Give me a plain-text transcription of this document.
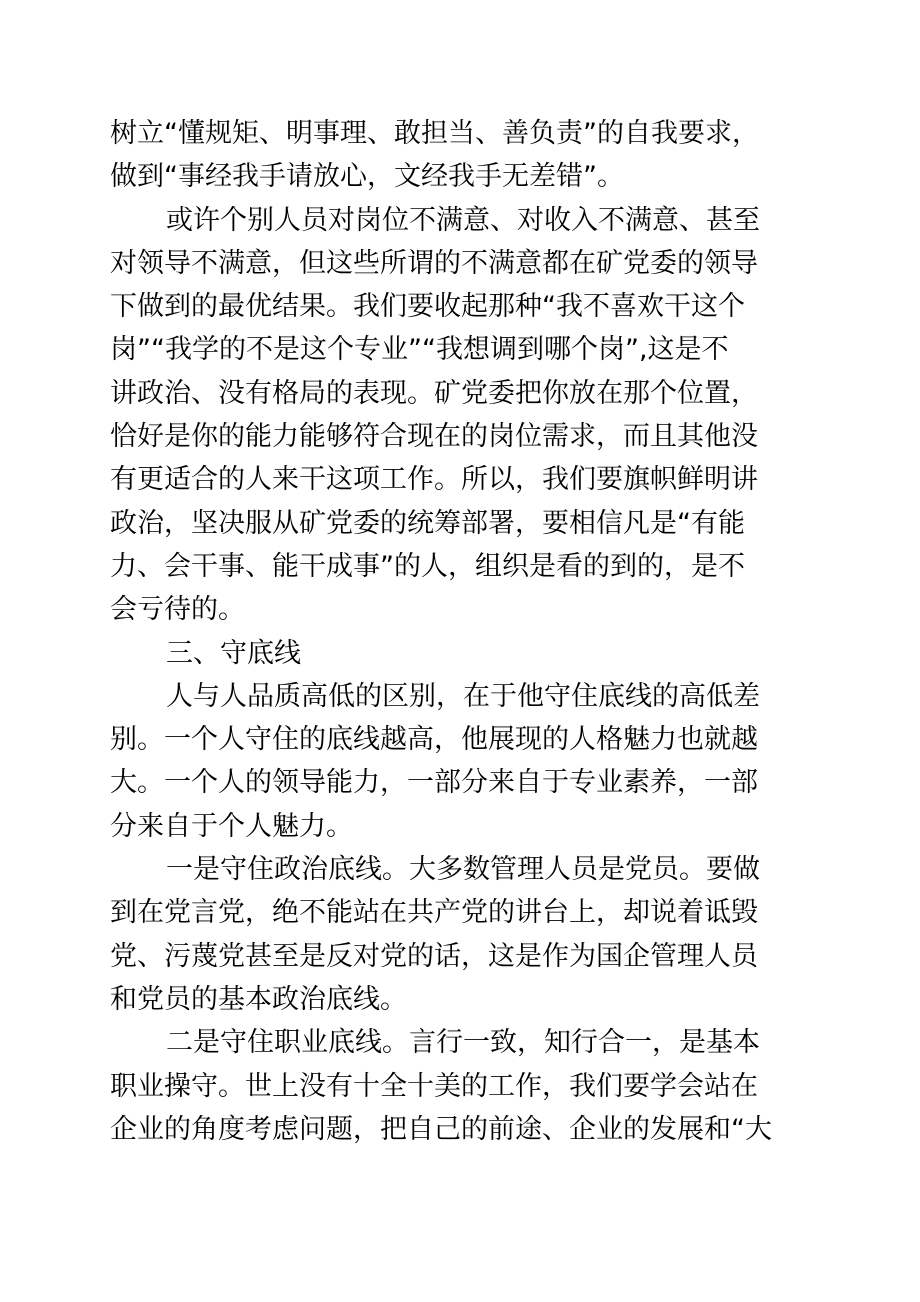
树立“懂规矩、明事理、敢担当、善负责”的自我要求，
做到“事经我手请放心，文经我手无差错”。
或许个别人员对岗位不满意、对收入不满意、甚至
对领导不满意，但这些所谓的不满意都在矿党委的领导
下做到的最优结果。我们要收起那种“我不喜欢干这个
岗”“我学的不是这个专业”“我想调到哪个岗”,这是不
讲政治、没有格局的表现。矿党委把你放在那个位置，
恰好是你的能力能够符合现在的岗位需求，而且其他没
有更适合的人来干这项工作。所以，我们要旗帜鲜明讲
政治，坚决服从矿党委的统筹部署，要相信凡是“有能
力、会干事、能干成事”的人，组织是看的到的，是不
会亏待的。
三、守底线
人与人品质高低的区别，在于他守住底线的高低差
别。一个人守住的底线越高，他展现的人格魅力也就越
大。一个人的领导能力，一部分来自于专业素养，一部
分来自于个人魅力。
一是守住政治底线。大多数管理人员是党员。要做
到在党言党，绝不能站在共产党的讲台上，却说着诋毁
党、污蔑党甚至是反对党的话，这是作为国企管理人员
和党员的基本政治底线。
二是守住职业底线。言行一致，知行合一，是基本
职业操守。世上没有十全十美的工作，我们要学会站在
企业的角度考虑问题，把自己的前途、企业的发展和“大
